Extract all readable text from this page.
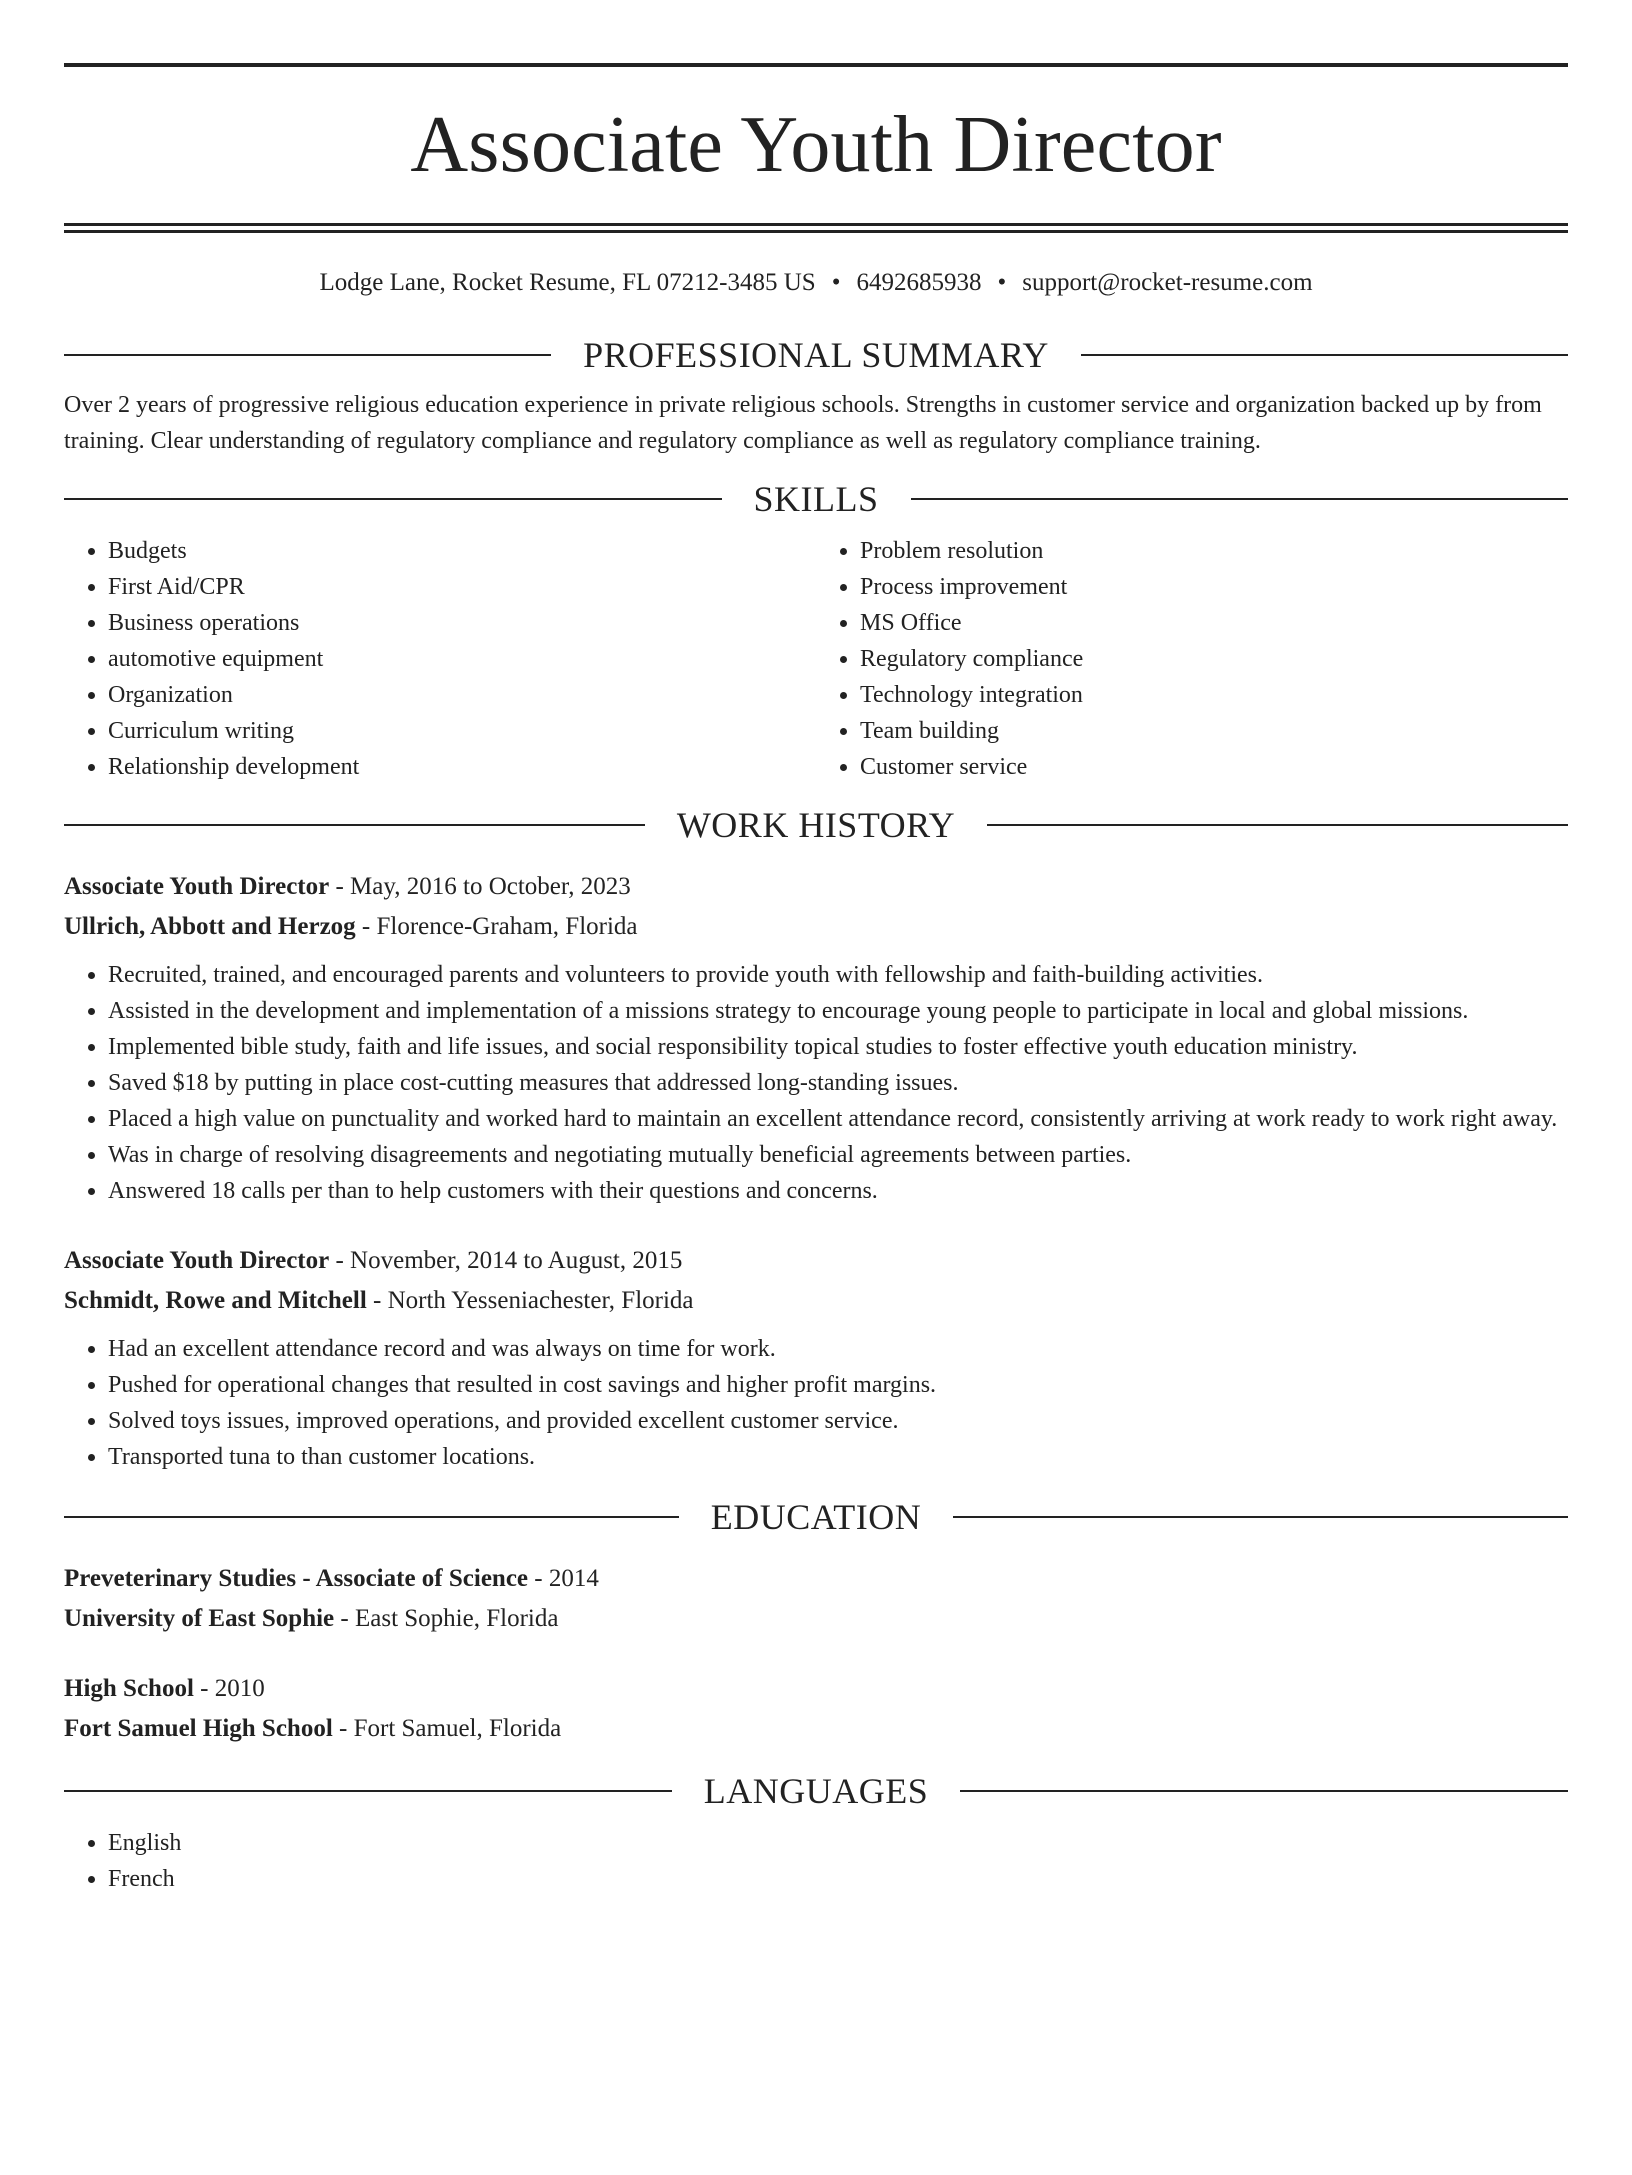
Associate Youth Director
Lodge Lane, Rocket Resume, FL 07212-3485 US • 6492685938 • support@rocket-resume.com
PROFESSIONAL SUMMARY
Over 2 years of progressive religious education experience in private religious schools. Strengths in customer service and organization backed up by from training. Clear understanding of regulatory compliance and regulatory compliance as well as regulatory compliance training.
SKILLS
• Budgets
• First Aid/CPR
• Business operations
• automotive equipment
• Organization
• Curriculum writing
• Relationship development
• Problem resolution
• Process improvement
• MS Office
• Regulatory compliance
• Technology integration
• Team building
• Customer service
WORK HISTORY
Associate Youth Director - May, 2016 to October, 2023
Ullrich, Abbott and Herzog - Florence-Graham, Florida
• Recruited, trained, and encouraged parents and volunteers to provide youth with fellowship and faith-building activities.
• Assisted in the development and implementation of a missions strategy to encourage young people to participate in local and global missions.
• Implemented bible study, faith and life issues, and social responsibility topical studies to foster effective youth education ministry.
• Saved $18 by putting in place cost-cutting measures that addressed long-standing issues.
• Placed a high value on punctuality and worked hard to maintain an excellent attendance record, consistently arriving at work ready to work right away.
• Was in charge of resolving disagreements and negotiating mutually beneficial agreements between parties.
• Answered 18 calls per than to help customers with their questions and concerns.
Associate Youth Director - November, 2014 to August, 2015
Schmidt, Rowe and Mitchell - North Yesseniachester, Florida
• Had an excellent attendance record and was always on time for work.
• Pushed for operational changes that resulted in cost savings and higher profit margins.
• Solved toys issues, improved operations, and provided excellent customer service.
• Transported tuna to than customer locations.
EDUCATION
Preveterinary Studies - Associate of Science - 2014
University of East Sophie - East Sophie, Florida
High School - 2010
Fort Samuel High School - Fort Samuel, Florida
LANGUAGES
• English
• French
